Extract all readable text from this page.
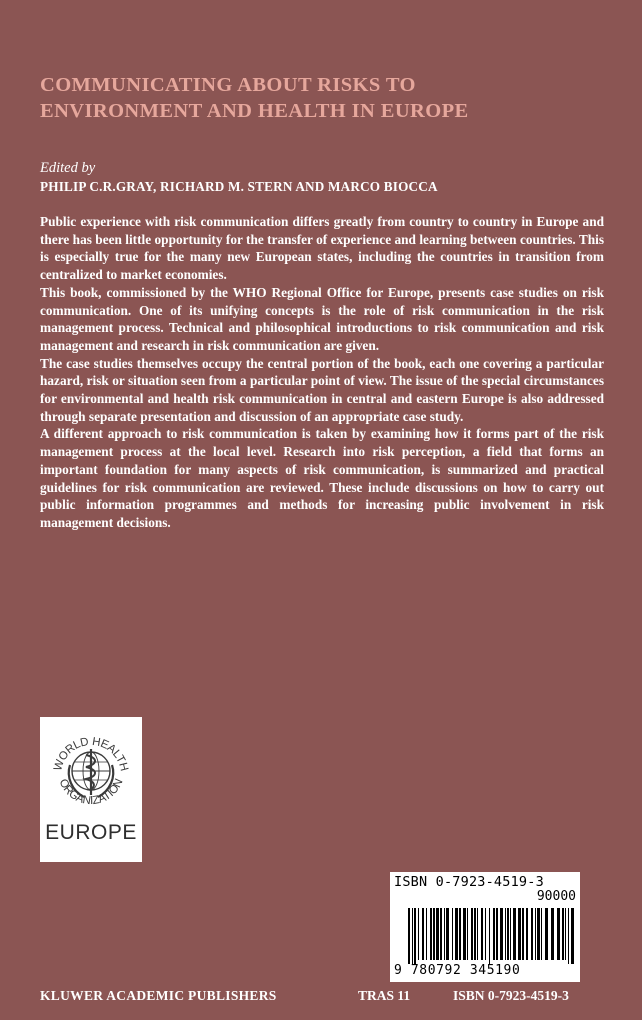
COMMUNICATING ABOUT RISKS TO
ENVIRONMENT AND HEALTH IN EUROPE

Edited by

PHILIP C.R.GRAY, RICHARD M. STERN AND MARCO BIOCCA

Public experience with risk communication differs greatly from country to country in Europe and there has been little opportunity for the transfer of experience and learning between countries. This is especially true for the many new European states, including the countries in transition from centralized to market economies.

This book, commissioned by the WHO Regional Office for Europe, presents case studies on risk communication. One of its unifying concepts is the role of risk communication in the risk management process. Technical and philosophical introductions to risk communication and risk management and research in risk communication are given.

The case studies themselves occupy the central portion of the book, each one covering a particular hazard, risk or situation seen from a particular point of view. The issue of the special circumstances for environmental and health risk communication in central and eastern Europe is also addressed through separate presentation and discussion of an appropriate case study.

A different approach to risk communication is taken by examining how it forms part of the risk management process at the local level. Research into risk perception, a field that forms an important foundation for many aspects of risk communication, is summarized and practical guidelines for risk communication are reviewed. These include discussions on how to carry out public information programmes and methods for increasing public involvement in risk management decisions.

WORLD HEALTH
ORGANIZATION
EUROPE
ISBN 0-7923-4519-3
90000
9 780792 345190

KLUWER ACADEMIC PUBLISHERS	TRAS 11	ISBN 0-7923-4519-3
